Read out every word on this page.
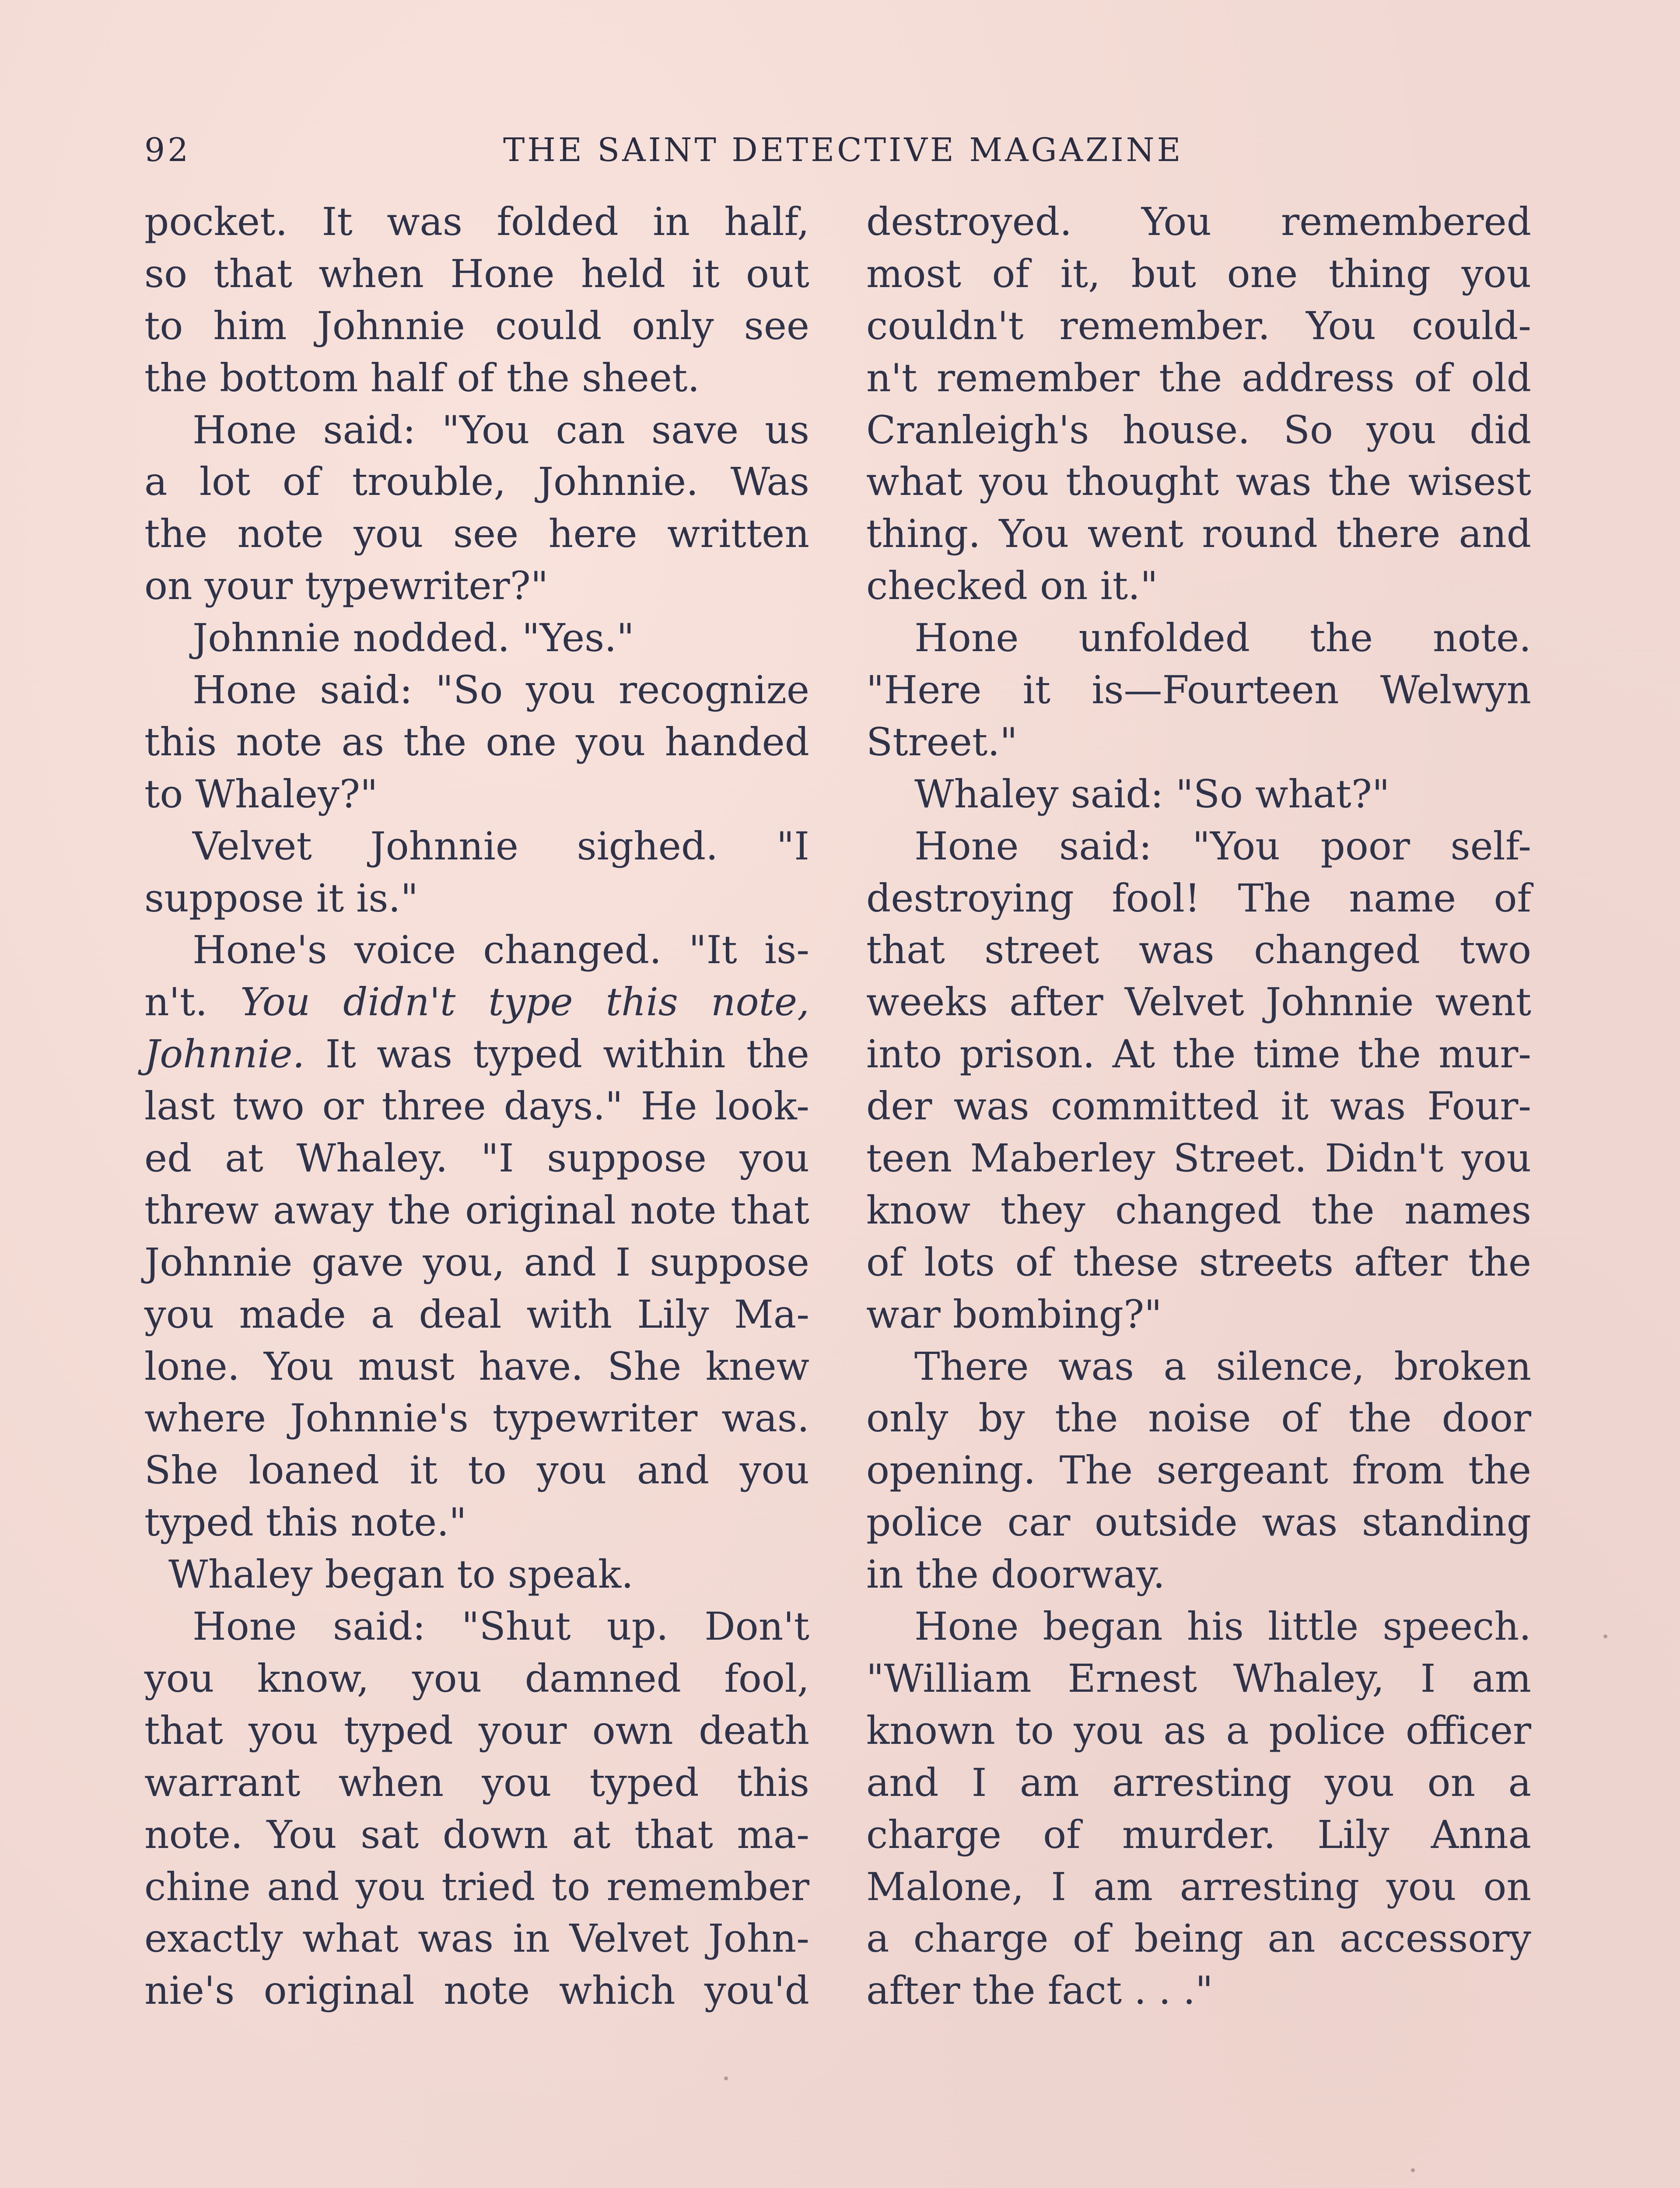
92	THE SAINT DETECTIVE MAGAZINE
pocket. It was folded in half,
so that when Hone held it out
to him Johnnie could only see
the bottom half of the sheet.
Hone said: "You can save us
a lot of trouble, Johnnie. Was
the note you see here written
on your typewriter?"
Johnnie nodded. "Yes."
Hone said: "So you recognize
this note as the one you handed
to Whaley?"
Velvet Johnnie sighed. "I
suppose it is."
Hone's voice changed. "It is-
n't. You didn't type this note,
Johnnie. It was typed within the
last two or three days." He look-
ed at Whaley. "I suppose you
threw away the original note that
Johnnie gave you, and I suppose
you made a deal with Lily Ma-
lone. You must have. She knew
where Johnnie's typewriter was.
She loaned it to you and you
typed this note."
Whaley began to speak.
Hone said: "Shut up. Don't
you know, you damned fool,
that you typed your own death
warrant when you typed this
note. You sat down at that ma-
chine and you tried to remember
exactly what was in Velvet John-
nie's original note which you'd
destroyed. You remembered
most of it, but one thing you
couldn't remember. You could-
n't remember the address of old
Cranleigh's house. So you did
what you thought was the wisest
thing. You went round there and
checked on it."
Hone unfolded the note.
"Here it is—Fourteen Welwyn
Street."
Whaley said: "So what?"
Hone said: "You poor self-
destroying fool! The name of
that street was changed two
weeks after Velvet Johnnie went
into prison. At the time the mur-
der was committed it was Four-
teen Maberley Street. Didn't you
know they changed the names
of lots of these streets after the
war bombing?"
There was a silence, broken
only by the noise of the door
opening. The sergeant from the
police car outside was standing
in the doorway.
Hone began his little speech.
"William Ernest Whaley, I am
known to you as a police officer
and I am arresting you on a
charge of murder. Lily Anna
Malone, I am arresting you on
a charge of being an accessory
after the fact . . ."
